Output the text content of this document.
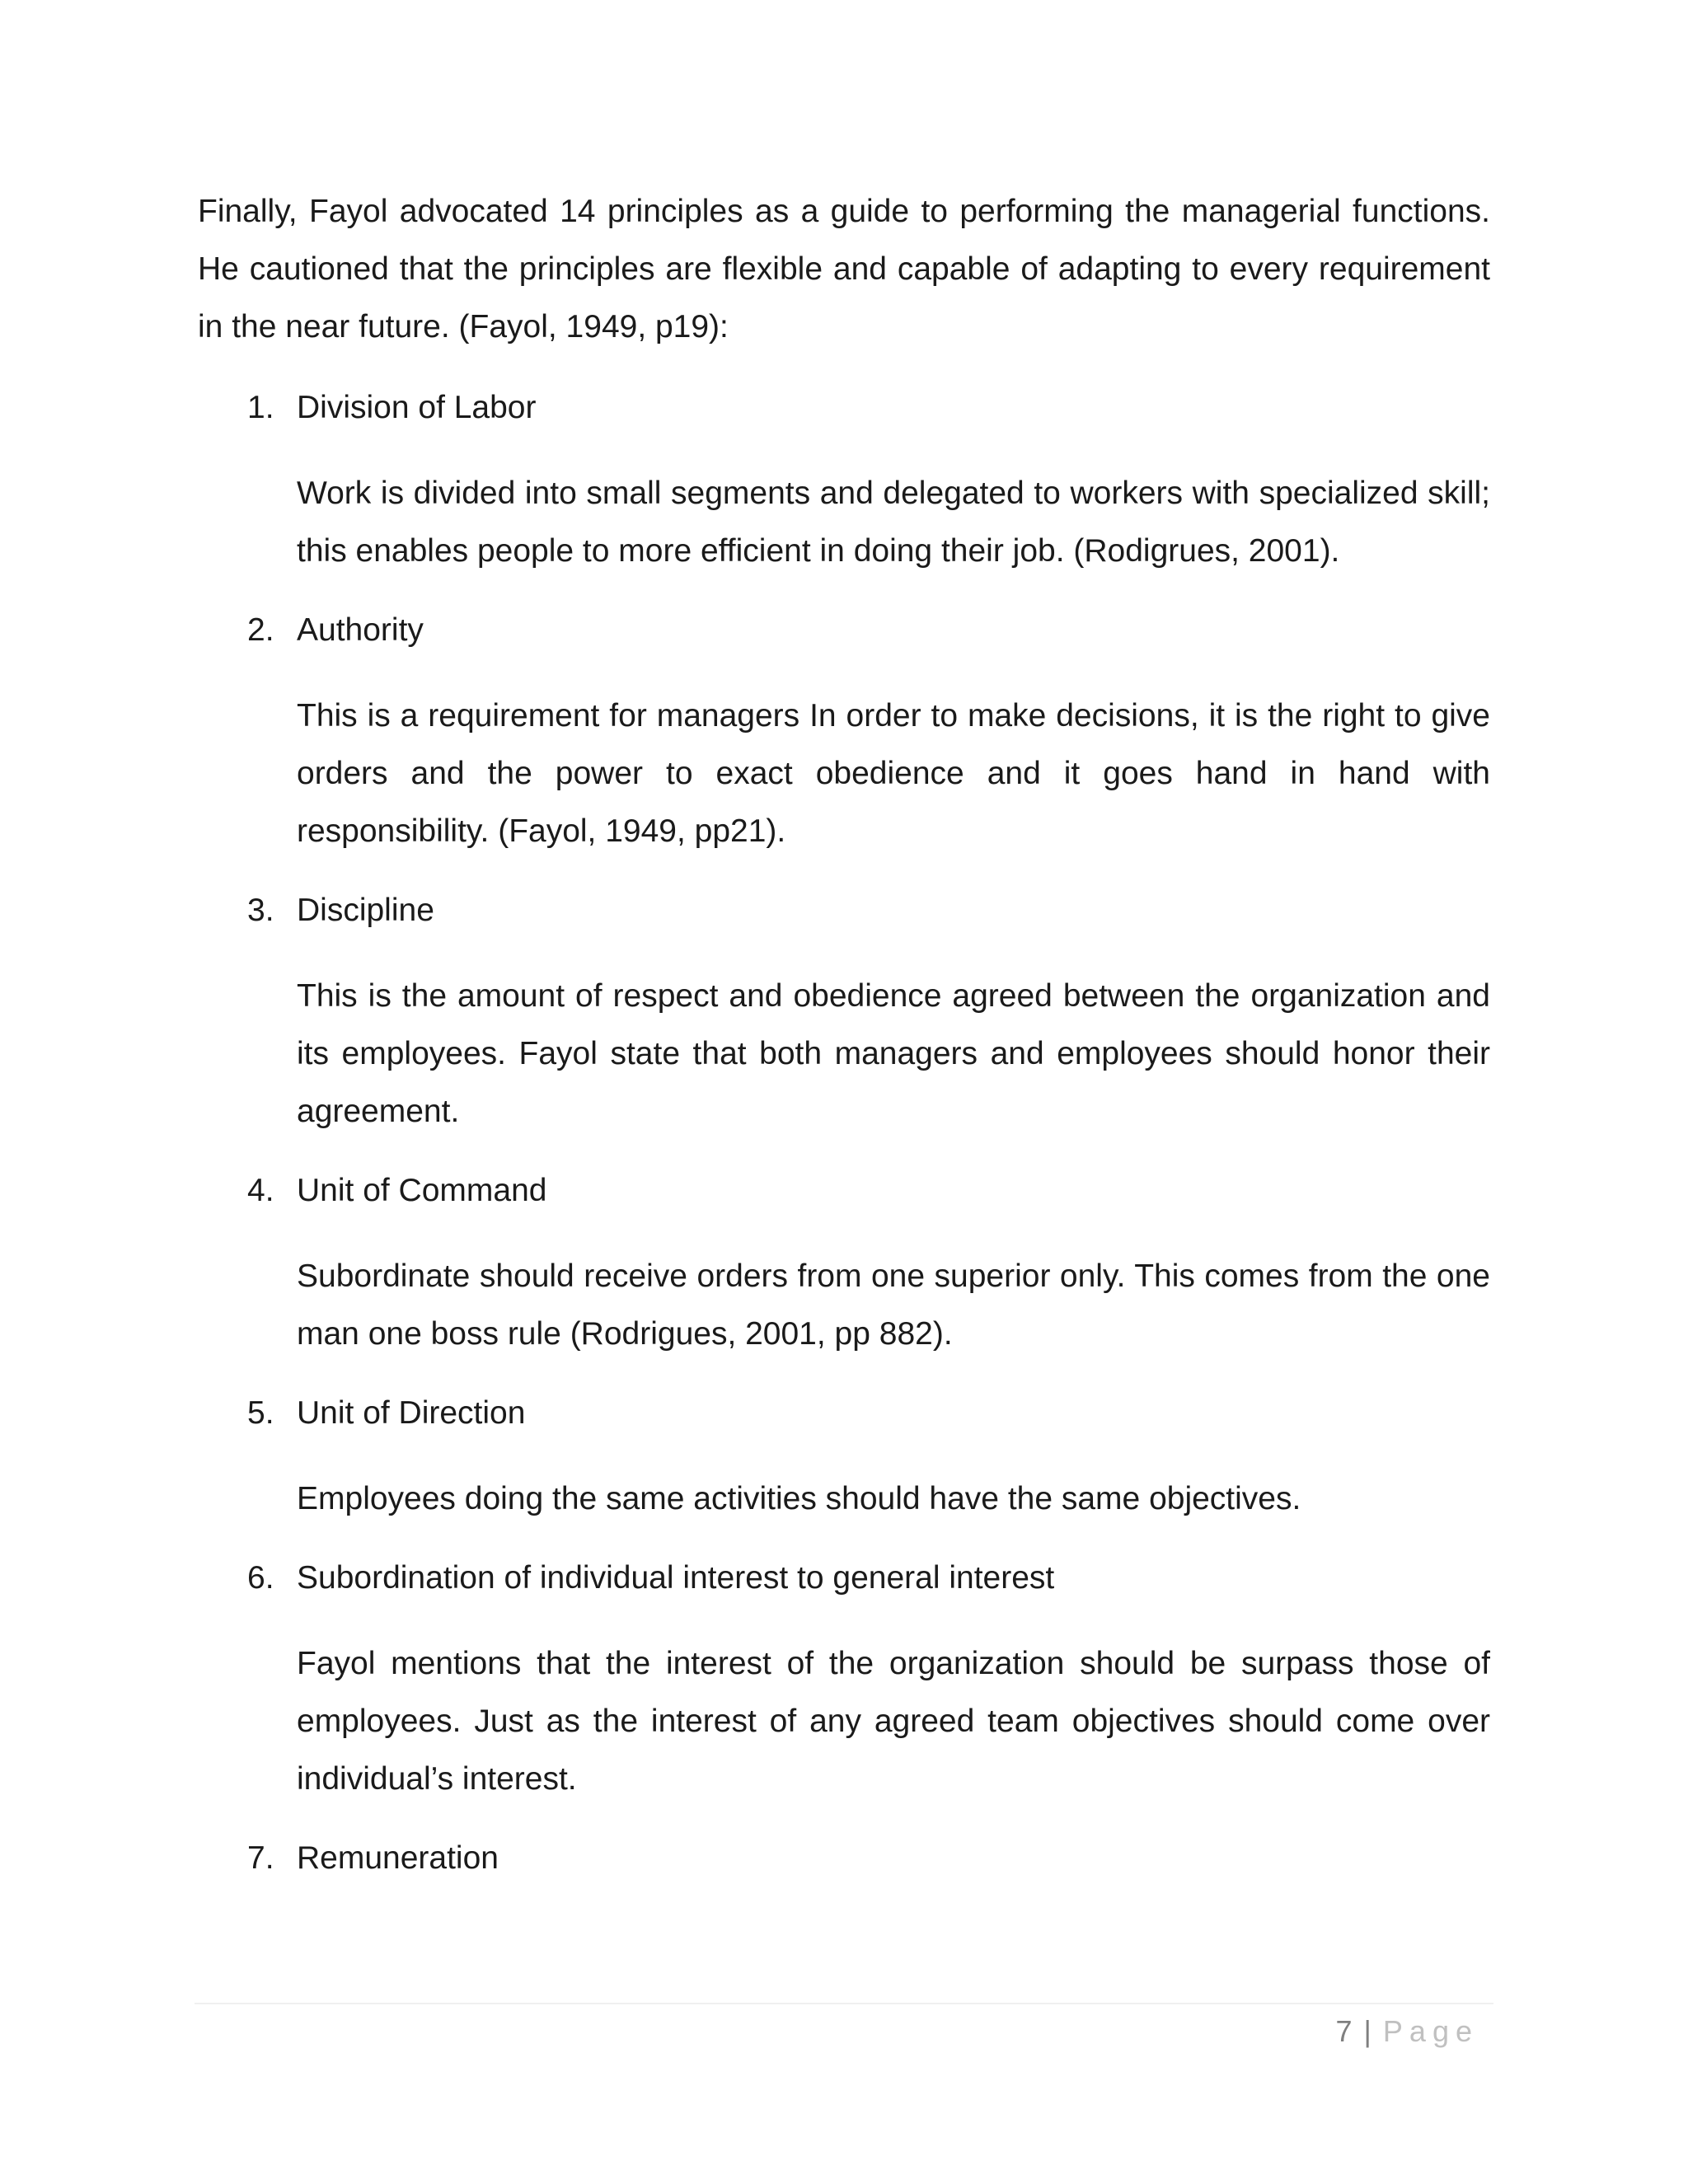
Finally, Fayol advocated 14 principles as a guide to performing the managerial functions. He cautioned that the principles are flexible and capable of adapting to every requirement in the near future. (Fayol, 1949, p19):

1. Division of Labor

Work is divided into small segments and delegated to workers with specialized skill; this enables people to more efficient in doing their job. (Rodigrues, 2001).

2. Authority

This is a requirement for managers In order to make decisions, it is the right to give orders and the power to exact obedience and it goes hand in hand with responsibility. (Fayol, 1949, pp21).

3. Discipline

This is the amount of respect and obedience agreed between the organization and its employees. Fayol state that both managers and employees should honor their agreement.

4. Unit of Command

Subordinate should receive orders from one superior only. This comes from the one man one boss rule (Rodrigues, 2001, pp 882).

5. Unit of Direction

Employees doing the same activities should have the same objectives.

6. Subordination of individual interest to general interest

Fayol mentions that the interest of the organization should be surpass those of employees. Just as the interest of any agreed team objectives should come over individual’s interest.

7. Remuneration
7 | Page
